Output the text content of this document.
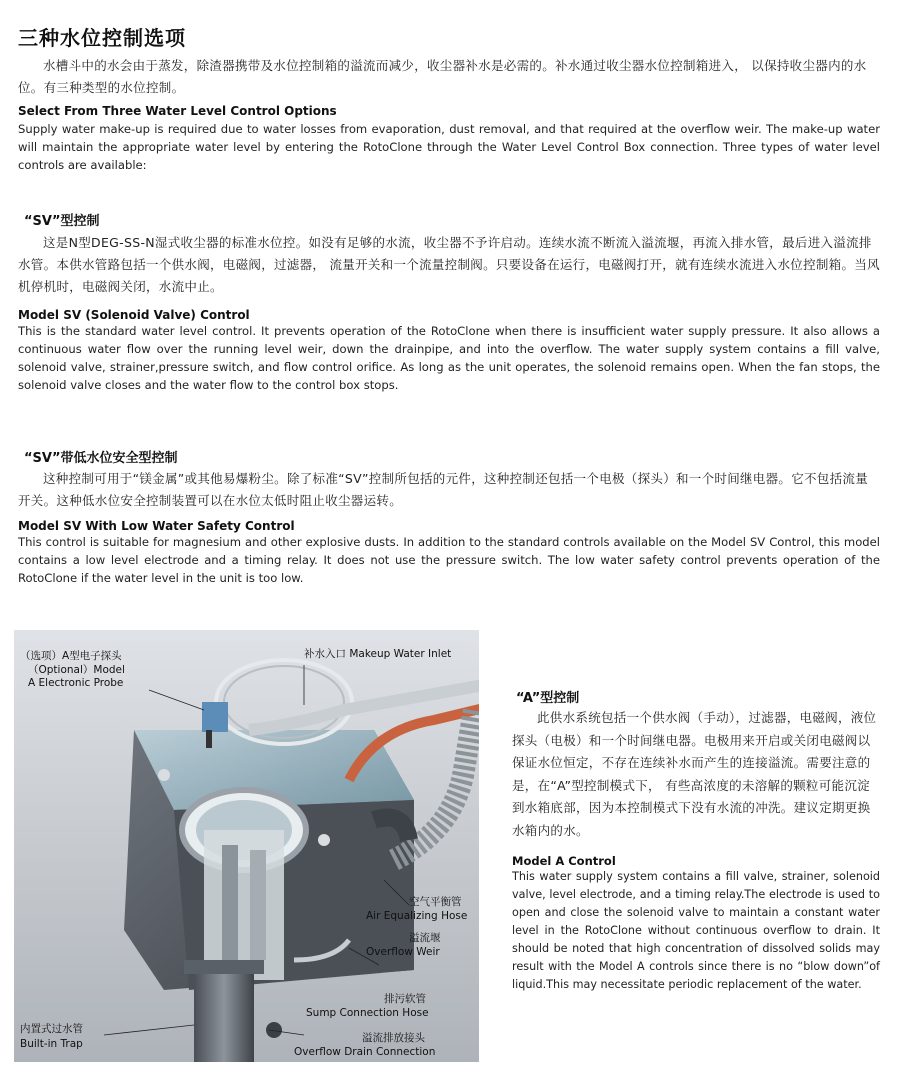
三种水位控制选项
水槽斗中的水会由于蒸发，除渣器携带及水位控制箱的溢流而减少，收尘器补水是必需的。补水通过收尘器水位控制箱进入， 以保持收尘器内的水位。有三种类型的水位控制。
Select From Three Water Level Control Options
Supply water make-up is required due to water losses from evaporation, dust removal, and that required at the overflow weir. The make-up water will maintain the appropriate water level by entering the RotoClone through the Water Level Control Box connection. Three types of water level controls are available:
“SV”型控制
这是N型DEG-SS-N湿式收尘器的标准水位控。如没有足够的水流，收尘器不予许启动。连续水流不断流入溢流堰，再流入排水管，最后进入溢流排水管。本供水管路包括一个供水阀，电磁阀，过滤器， 流量开关和一个流量控制阀。只要设备在运行，电磁阀打开，就有连续水流进入水位控制箱。当风机停机时，电磁阀关闭，水流中止。
Model SV (Solenoid Valve) Control
This is the standard water level control. It prevents operation of the RotoClone when there is insufficient water supply pressure. It also allows a continuous water flow over the running level weir, down the drainpipe, and into the overflow. The water supply system contains a fill valve, solenoid valve, strainer,pressure switch, and flow control orifice. As long as the unit operates, the solenoid remains open. When the fan stops, the solenoid valve closes and the water flow to the control box stops.
“SV”带低水位安全型控制
这种控制可用于“镁金属”或其他易爆粉尘。除了标准“SV”控制所包括的元件，这种控制还包括一个电极（探头）和一个时间继电器。它不包括流量开关。这种低水位安全控制装置可以在水位太低时阻止收尘器运转。
Model SV With Low Water Safety Control
This control is suitable for magnesium and other explosive dusts. In addition to the standard controls available on the Model SV Control, this model contains a low level electrode and a timing relay. It does not use the pressure switch. The low water safety control prevents operation of the RotoClone if the water level in the unit is too low.
（选项）A型电子探头
（Optional）Model
A Electronic Probe
补水入口 Makeup Water Inlet
空气平衡管
Air Equalizing Hose
溢流堰
Overflow Weir
排污软管
Sump Connection Hose
内置式过水管
Built-in Trap	溢流排放接头
Overflow Drain Connection
“A”型控制
此供水系统包括一个供水阀（手动），过滤器，电磁阀，液位探头（电极）和一个时间继电器。电极用来开启或关闭电磁阀以保证水位恒定，不存在连续补水而产生的连接溢流。需要注意的是，在“A”型控制模式下， 有些高浓度的未溶解的颗粒可能沉淀到水箱底部，因为本控制模式下没有水流的冲洗。建议定期更换水箱内的水。
Model A Control
This water supply system contains a fill valve, strainer, solenoid valve, level electrode, and a timing relay.The electrode is used to open and close the solenoid valve to maintain a constant water level in the RotoClone without continuous overflow to drain. It should be noted that high concentration of dissolved solids may result with the Model A controls since there is no “blow down”of liquid.This may necessitate periodic replacement of the water.
